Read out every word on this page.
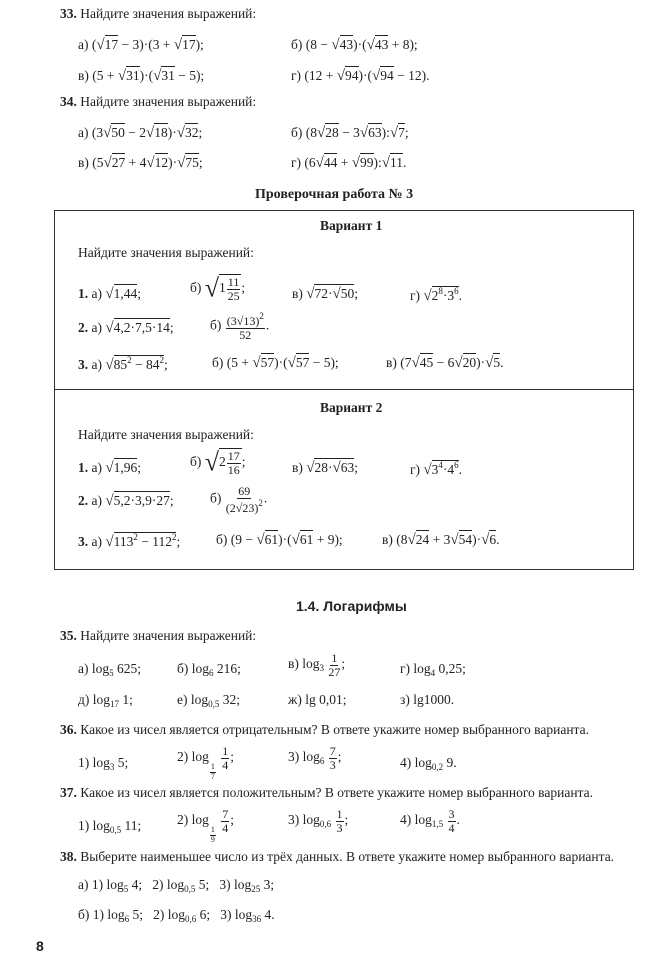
33. Найдите значения выражений:
а) (√17 − 3)·(3 + √17);	б) (8 − √43)·(√43 + 8);
в) (5 + √31)·(√31 − 5);	г) (12 + √94)·(√94 − 12).
34. Найдите значения выражений:
а) (3√50 − 2√18)·√32;	б) (8√28 − 3√63):√7;
в) (5√27 + 4√12)·√75;	г) (6√44 + √99):√11.
Проверочная работа № 3
Вариант 1
Найдите значения выражений:
1. а) √1,44;	б) $√1 \frac{11}{25}$ ;	в) √72·√50;	г) $√2^8\cdot 3^6$.
2. а) √4,2·7,5·14;	$б) \frac{(3√13)^2}{52}$ .
3. а) $√85^2 - 84^2$;	б) (5 + √57)·(√57 − 5);	в) (7√45 − 6√20)·√5.
Вариант 2
Найдите значения выражений:
1. а) √1,96;	б) $√2 \frac{17}{16}$ ;	в) √28·√63;	г) $√3^4\cdot 4^6$.
2. а) √5,2·3,9·27;	$б) \frac{69}{(2√23)^2}$ .
3. а) $√113^2 - 112^2$;	б) (9 − √61)·(√61 + 9);	в) (8√24 + 3√54)·√6.
1.4. Логарифмы
35. Найдите значения выражений:
а) $\log_5 625$;	б) $\log_6 216$;	в) $\log_3 \frac{1}{27}$ ;	г) $\log_4 0,25$;
д) $\log_{17} 1$;	е) $\log_{0,5} 32$;	ж) lg 0,01;	з) lg1000.
36. Какое из чисел является отрицательным? В ответе укажите номер выбранного варианта.
1) $\log_3 5$;	2) log
$\frac{1}{7}$

$\frac{1}{4}$ ;	3) $\log_6 \frac{7}{3}$ ;	4) $\log_{0,2} 9$.
37. Какое из чисел является положительным? В ответе укажите номер выбранного варианта.
1) $\log_{0,5} 11$;	2) log
$\frac{1}{9}$

$\frac{7}{4}$ ;	3) $\log_{0,6} \frac{1}{3}$ ;	4) $\log_{1,5} \frac{3}{4}$ .
38. Выберите наименьшее число из трёх данных. В ответе укажите номер выбранного варианта.
а) 1) $\log_5 4$;   2) $\log_{0,5} 5$;   3) $\log_{25} 3$;
б) 1) $\log_6 5$;   2) $\log_{0,6} 6$;   3) $\log_{36} 4$.
8
